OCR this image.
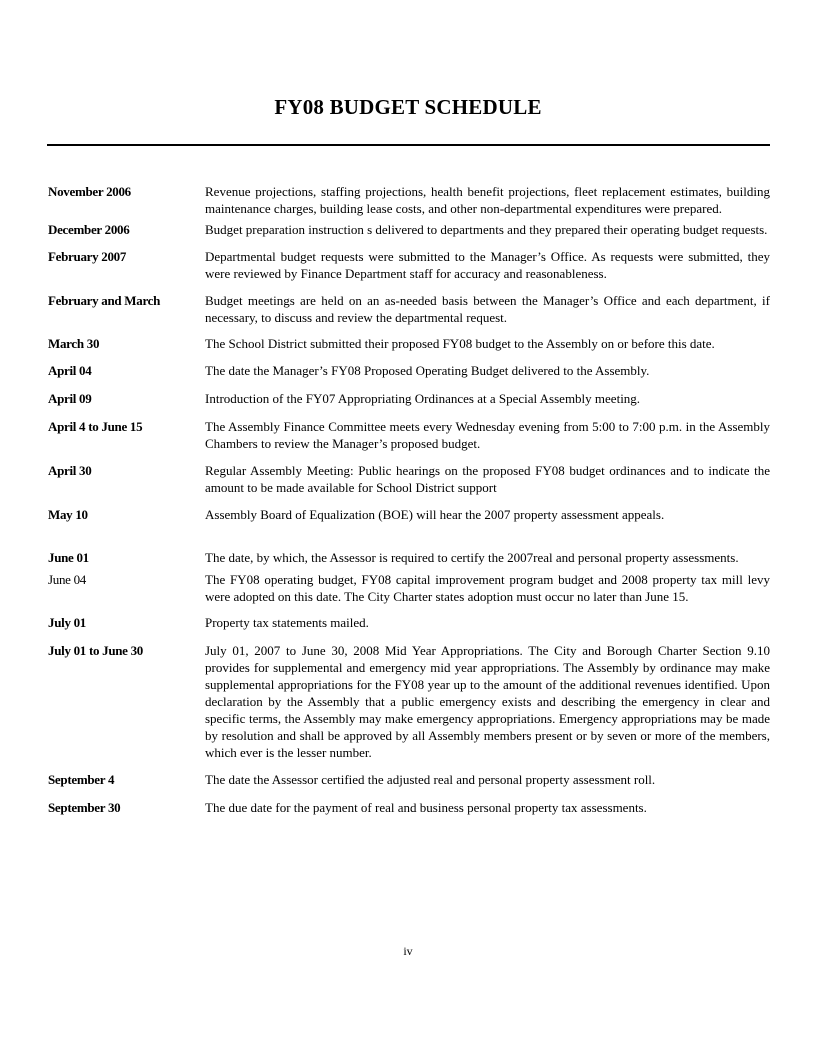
FY08 BUDGET SCHEDULE
November 2006	Revenue projections, staffing projections, health benefit projections, fleet replacement estimates, building maintenance charges, building lease costs, and other non-departmental expenditures were prepared.
December 2006	Budget preparation instruction s delivered to departments and they prepared their operating budget requests.
February 2007	Departmental budget requests were submitted to the Manager’s Office. As requests were submitted, they were reviewed by Finance Department staff for accuracy and reasonableness.
February and March	Budget meetings are held on an as-needed basis between the Manager’s Office and each department, if necessary, to discuss and review the departmental request.
March 30	The School District submitted their proposed FY08 budget to the Assembly on or before this date.
April 04	The date the Manager’s FY08 Proposed Operating Budget delivered to the Assembly.
April 09	Introduction of the FY07 Appropriating Ordinances at a Special Assembly meeting.
April 4 to June 15	The Assembly Finance Committee meets every Wednesday evening from 5:00 to 7:00 p.m. in the Assembly Chambers to review the Manager’s proposed budget.
April 30	Regular Assembly Meeting: Public hearings on the proposed FY08 budget ordinances and to indicate the amount to be made available for School District support
May 10	Assembly Board of Equalization (BOE) will hear the 2007 property assessment appeals.
June 01	The date, by which, the Assessor is required to certify the 2007real and personal property assessments.
June 04	The FY08 operating budget, FY08 capital improvement program budget and 2008 property tax mill levy were adopted on this date. The City Charter states adoption must occur no later than June 15.
July 01	Property tax statements mailed.
July 01 to June 30	July 01, 2007 to June 30, 2008 Mid Year Appropriations. The City and Borough Charter Section 9.10 provides for supplemental and emergency mid year appropriations. The Assembly by ordinance may make supplemental appropriations for the FY08 year up to the amount of the additional revenues identified. Upon declaration by the Assembly that a public emergency exists and describing the emergency in clear and specific terms, the Assembly may make emergency appropriations. Emergency appropriations may be made by resolution and shall be approved by all Assembly members present or by seven or more of the members, which ever is the lesser number.
September 4	The date the Assessor certified the adjusted real and personal property assessment roll.
September 30	The due date for the payment of real and business personal property tax assessments.
iv
